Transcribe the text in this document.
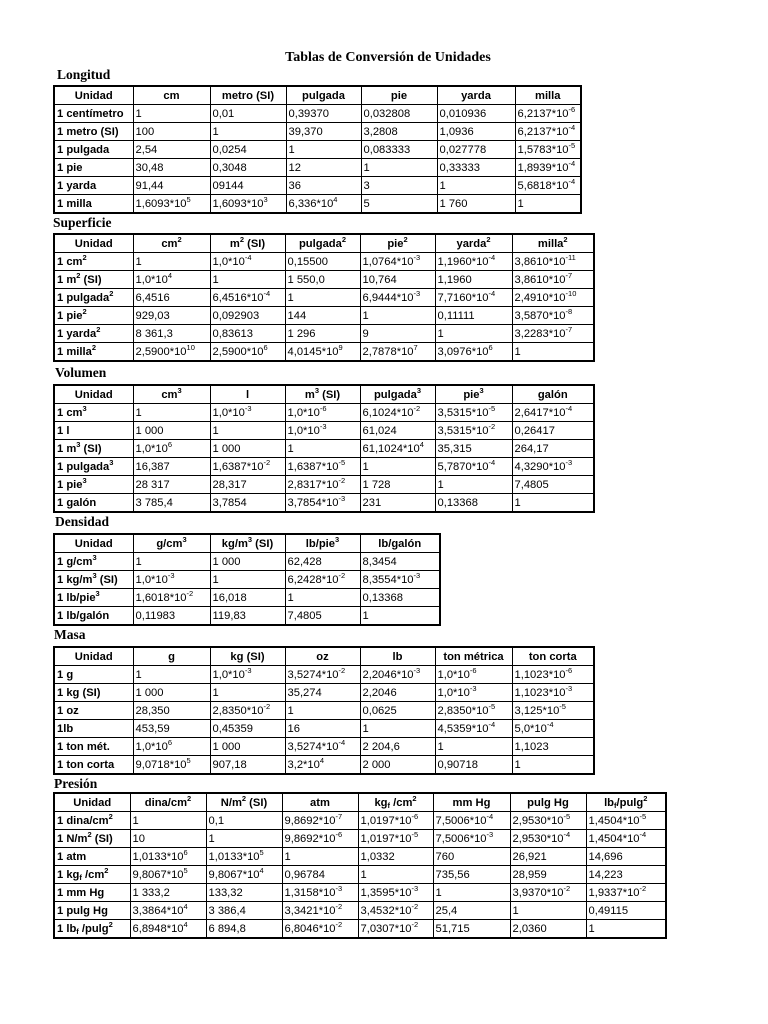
Tablas de Conversión de Unidades
Longitud
Unidad	cm	metro (SI)	pulgada	pie	yarda	milla
1 centímetro	1	0,01	0,39370	0,032808	0,010936	$6,2137*10^{-6}$
1 metro (SI)	100	1	39,370	3,2808	1,0936	$6,2137*10^{-4}$
1 pulgada	2,54	0,0254	1	0,083333	0,027778	$1,5783*10^{-5}$
1 pie	30,48	0,3048	12	1	0,33333	$1,8939*10^{-4}$
1 yarda	91,44	09144	36	3	1	$5,6818*10^{-4}$
1 milla	$1,6093*10^5$	$1,6093*10^3$	$6,336*10^4$	5	1 760	1
Superficie
Unidad	$cm^2$	$m^2$ (SI)	pulgada$^2$	pie$^2$	yarda$^2$	milla$^2$
1 $cm^2$	1	$1,0*10^{-4}$	0,15500	$1,0764*10^{-3}$	$1,1960*10^{-4}$	$3,8610*10^{-11}$
1 $m^2$ (SI)	$1,0*10^4$	1	1 550,0	10,764	1,1960	$3,8610*10^{-7}$
1 pulgada$^2$	6,4516	$6,4516*10^{-4}$	1	$6,9444*10^{-3}$	$7,7160*10^{-4}$	$2,4910*10^{-10}$
1 pie$^2$	929,03	0,092903	144	1	0,11111	$3,5870*10^{-8}$
1 yarda$^2$	8 361,3	0,83613	1 296	9	1	$3,2283*10^{-7}$
1 milla$^2$	$2,5900*10^{10}$	$2,5900*10^6$	$4,0145*10^9$	$2,7878*10^7$	$3,0976*10^6$	1
Volumen
Unidad	$cm^3$	l	$m^3$ (SI)	pulgada$^3$	pie$^3$	galón
1 $cm^3$	1	$1,0*10^{-3}$	$1,0*10^{-6}$	$6,1024*10^{-2}$	$3,5315*10^{-5}$	$2,6417*10^{-4}$
1 l	1 000	1	$1,0*10^{-3}$	61,024	$3,5315*10^{-2}$	0,26417
1 $m^3$ (SI)	$1,0*10^6$	1 000	1	$61,1024*10^4$	35,315	264,17
1 pulgada$^3$	16,387	$1,6387*10^{-2}$	$1,6387*10^{-5}$	1	$5,7870*10^{-4}$	$4,3290*10^{-3}$
1 pie$^3$	28 317	28,317	$2,8317*10^{-2}$	1 728	1	7,4805
1 galón	3 785,4	3,7854	$3,7854*10^{-3}$	231	0,13368	1
Densidad
Unidad	$g/cm^3$	$kg/m^3$ (SI)	lb/pie$^3$	lb/galón
1 $g/cm^3$	1	1 000	62,428	8,3454
1 $kg/m^3$ (SI)	$1,0*10^{-3}$	1	$6,2428*10^{-2}$	$8,3554*10^{-3}$
1 lb/pie$^3$	$1,6018*10^{-2}$	16,018	1	0,13368
1 lb/galón	0,11983	119,83	7,4805	1
Masa
Unidad	g	kg (SI)	oz	lb	ton métrica	ton corta
1 g	1	$1,0*10^{-3}$	$3,5274*10^{-2}$	$2,2046*10^{-3}$	$1,0*10^{-6}$	$1,1023*10^{-6}$
1 kg (SI)	1 000	1	35,274	2,2046	$1,0*10^{-3}$	$1,1023*10^{-3}$
1 oz	28,350	$2,8350*10^{-2}$	1	0,0625	$2,8350*10^{-5}$	$3,125*10^{-5}$
1lb	453,59	0,45359	16	1	$4,5359*10^{-4}$	$5,0*10^{-4}$
1 ton mét.	$1,0*10^6$	1 000	$3,5274*10^{-4}$	2 204,6	1	1,1023
1 ton corta	$9,0718*10^5$	907,18	$3,2*10^4$	2 000	0,90718	1
Presión
Unidad	dina/$cm^2$	$N/m^2$ (SI)	atm	$kg_f$ $/cm^2$	mm Hg	pulg Hg	$lb_f/pulg^2$
1 dina/$cm^2$	1	0,1	$9,8692*10^{-7}$	$1,0197*10^{-6}$	$7,5006*10^{-4}$	$2,9530*10^{-5}$	$1,4504*10^{-5}$
1 $N/m^2$ (SI)	10	1	$9,8692*10^{-6}$	$1,0197*10^{-5}$	$7,5006*10^{-3}$	$2,9530*10^{-4}$	$1,4504*10^{-4}$
1 atm	$1,0133*10^6$	$1,0133*10^5$	1	1,0332	760	26,921	14,696
1 $kg_f$ $/cm^2$	$9,8067*10^5$	$9,8067*10^4$	0,96784	1	735,56	28,959	14,223
1 mm Hg	1 333,2	133,32	$1,3158*10^{-3}$	$1,3595*10^{-3}$	1	$3,9370*10^{-2}$	$1,9337*10^{-2}$
1 pulg Hg	$3,3864*10^4$	3 386,4	$3,3421*10^{-2}$	$3,4532*10^{-2}$	25,4	1	0,49115
1 $lb_f$ /pulg$^2$	$6,8948*10^4$	6 894,8	$6,8046*10^{-2}$	$7,0307*10^{-2}$	51,715	2,0360	1
